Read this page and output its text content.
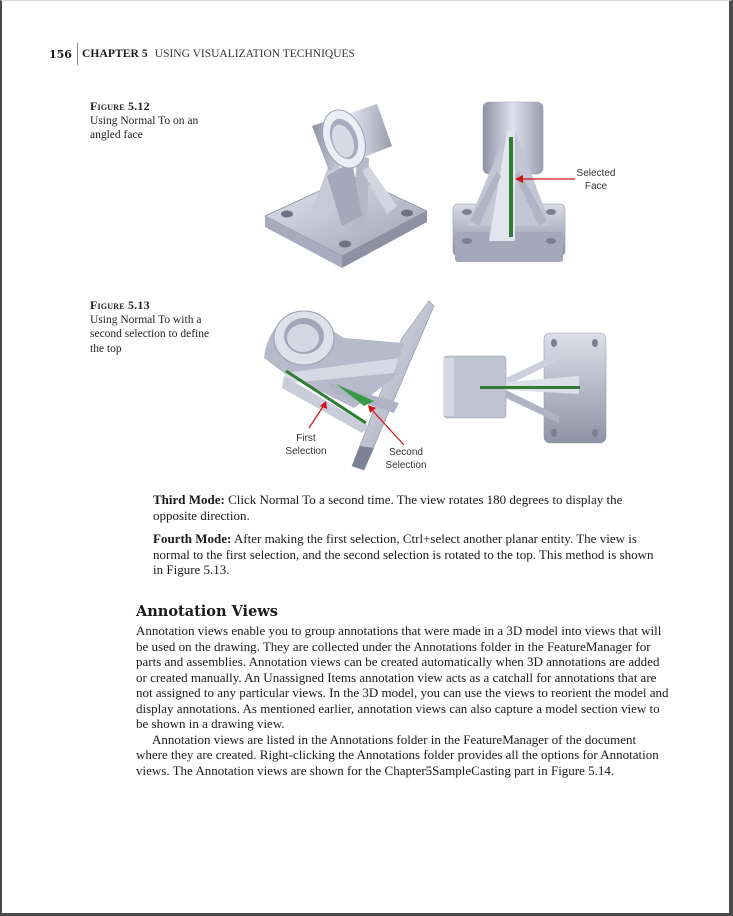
156 CHAPTER 5 USING VISUALIZATION TECHNIQUES
Figure 5.12
Using Normal To on an angled face
Selected
Face
Figure 5.13
Using Normal To with a second selection to define the top
First
Selection	Second
Selection
Third Mode: Click Normal To a second time. The view rotates 180 degrees to display the opposite direction.
Fourth Mode: After making the first selection, Ctrl+select another planar entity. The view is normal to the first selection, and the second selection is rotated to the top. This method is shown in Figure 5.13.
Annotation Views

Annotation views enable you to group annotations that were made in a 3D model into views that will be used on the drawing. They are collected under the Annotations folder in the FeatureManager for parts and assemblies. Annotation views can be created automatically when 3D annotations are added or created manually. An Unassigned Items annotation view acts as a catchall for annotations that are not assigned to any particular views. In the 3D model, you can use the views to reorient the model and display annotations. As mentioned earlier, annotation views can also capture a model section view to be shown in a drawing view.

Annotation views are listed in the Annotations folder in the FeatureManager of the document where they are created. Right-clicking the Annotations folder provides all the options for Annotation views. The Annotation views are shown for the Chapter5SampleCasting part in Figure 5.14.
